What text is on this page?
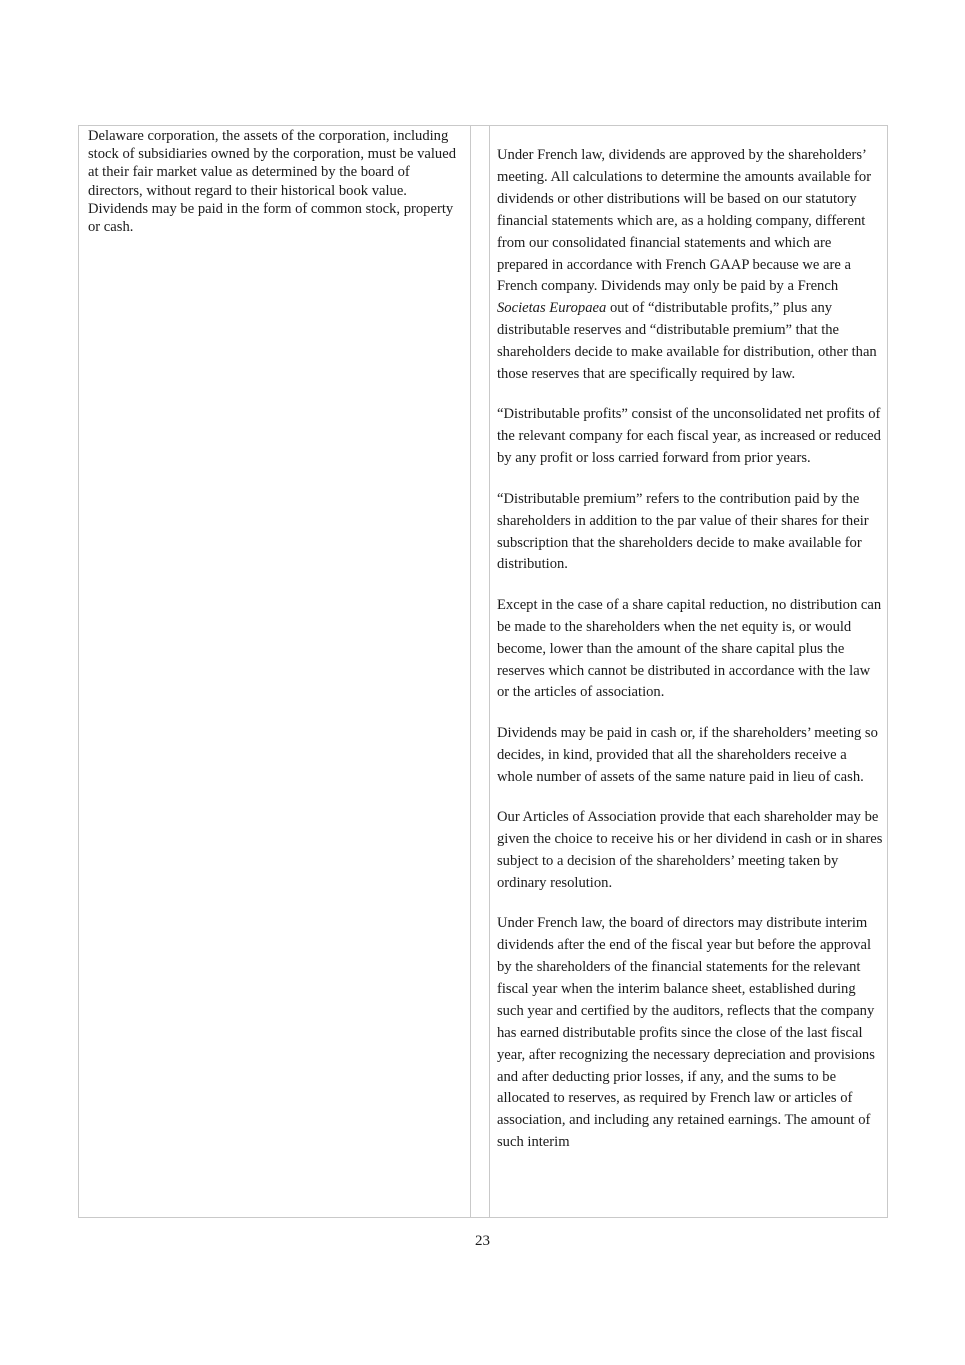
Delaware corporation, the assets of the corporation, including stock of subsidiaries owned by the corporation, must be valued at their fair market value as determined by the board of directors, without regard to their historical book value. Dividends may be paid in the form of common stock, property or cash.

Under French law, dividends are approved by the shareholders’ meeting. All calculations to determine the amounts available for dividends or other distributions will be based on our statutory financial statements which are, as a holding company, different from our consolidated financial statements and which are prepared in accordance with French GAAP because we are a French company. Dividends may only be paid by a French Societas Europaea out of “distributable profits,” plus any distributable reserves and “distributable premium” that the shareholders decide to make available for distribution, other than those reserves that are specifically required by law.

“Distributable profits” consist of the unconsolidated net profits of the relevant company for each fiscal year, as increased or reduced by any profit or loss carried forward from prior years.

“Distributable premium” refers to the contribution paid by the shareholders in addition to the par value of their shares for their subscription that the shareholders decide to make available for distribution.

Except in the case of a share capital reduction, no distribution can be made to the shareholders when the net equity is, or would become, lower than the amount of the share capital plus the reserves which cannot be distributed in accordance with the law or the articles of association.

Dividends may be paid in cash or, if the shareholders’ meeting so decides, in kind, provided that all the shareholders receive a whole number of assets of the same nature paid in lieu of cash.

Our Articles of Association provide that each shareholder may be given the choice to receive his or her dividend in cash or in shares subject to a decision of the shareholders’ meeting taken by ordinary resolution.

Under French law, the board of directors may distribute interim dividends after the end of the fiscal year but before the approval by the shareholders of the financial statements for the relevant fiscal year when the interim balance sheet, established during such year and certified by the auditors, reflects that the company has earned distributable profits since the close of the last fiscal year, after recognizing the necessary depreciation and provisions and after deducting prior losses, if any, and the sums to be allocated to reserves, as required by French law or articles of association, and including any retained earnings. The amount of such interim

23
